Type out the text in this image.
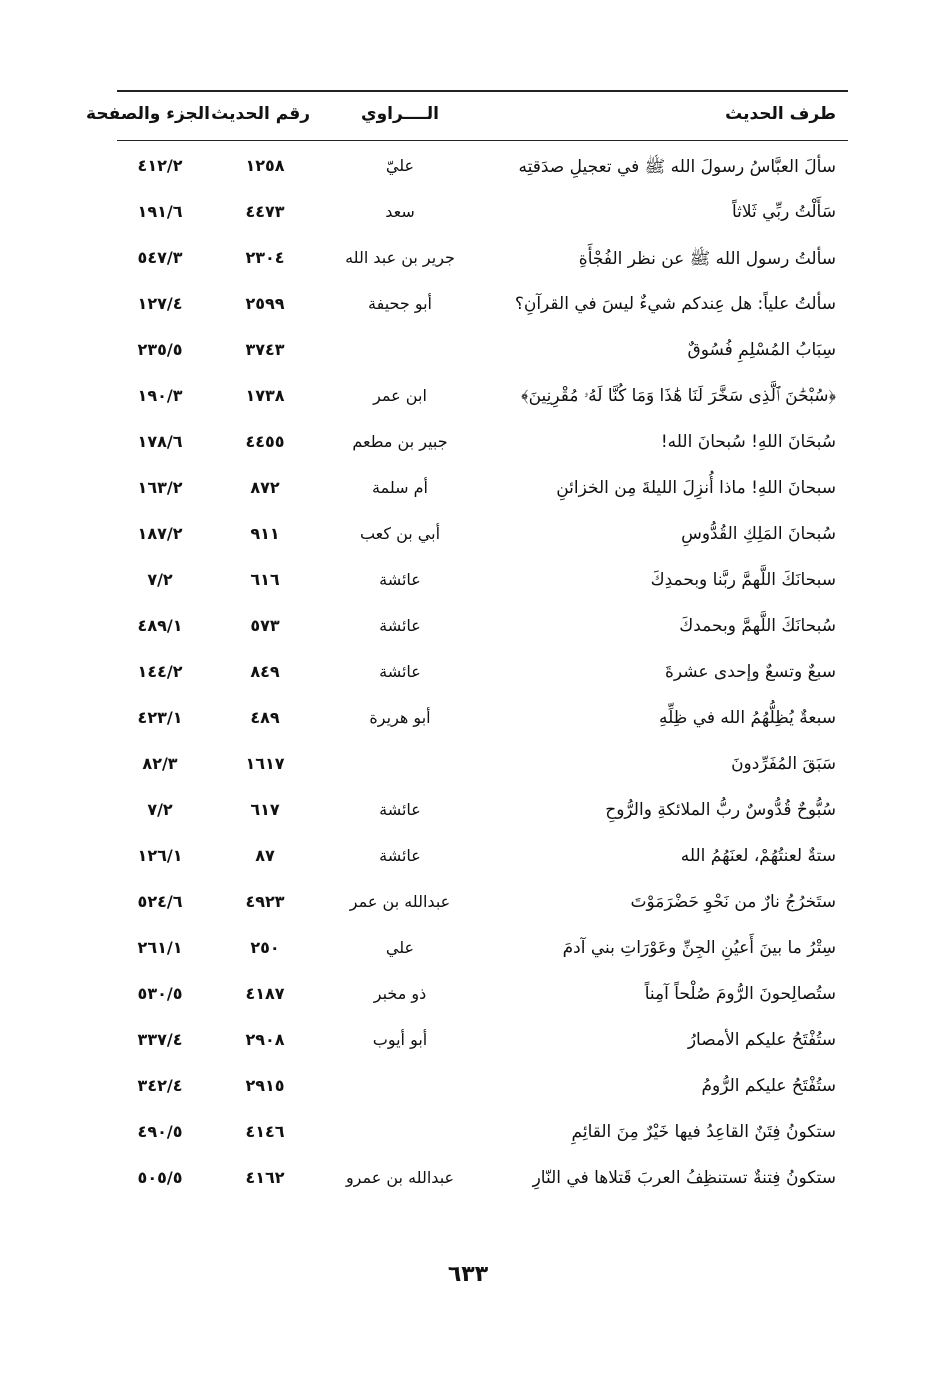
طرف الحديث
الــــراوي
رقم الحديث
الجزء والصفحة
سألَ العبَّاسُ رسولَ الله ﷺ في تعجيلِ صدَقتِه
عليّ
١٢٥٨
٤١٢/٢
سَأَلْتُ ربِّي ثَلاثاً
سعد
٤٤٧٣
١٩١/٦
سألتُ رسول الله ﷺ عن نظر الفُجْأَةِ
جرير بن عبد الله
٢٣٠٤
٥٤٧/٣
سألتُ علياً: هل عِندكم شيءٌ ليسَ في القرآنِ؟
أبو جحيفة
٢٥٩٩
١٢٧/٤
سِبَابُ المُسْلِمِ فُسُوقٌ
٣٧٤٣
٢٣٥/٥
﴿سُبْحَٰنَ ٱلَّذِى سَخَّرَ لَنَا هَٰذَا وَمَا كُنَّا لَهُۥ مُقْرِنِينَ﴾
ابن عمر
١٧٣٨
١٩٠/٣
سُبحَانَ اللهِ! سُبحانَ الله!
جبير بن مطعم
٤٤٥٥
١٧٨/٦
سبحانَ اللهِ! ماذا أُنزِلَ الليلةَ مِن الخزائنِ
أم سلمة
٨٧٢
١٦٣/٢
سُبحانَ المَلِكِ القُدُّوسِ
أبي بن كعب
٩١١
١٨٧/٢
سبحانَكَ اللَّهمَّ ربَّنا وبحمدِكَ
عائشة
٦١٦
٧/٢
سُبحانَكَ اللَّهمَّ وبحمدكَ
عائشة
٥٧٣
٤٨٩/١
سبعٌ وتسعٌ وإحدى عشرةَ
عائشة
٨٤٩
١٤٤/٢
سبعةٌ يُظِلُّهُمُ الله في ظِلِّهِ
أبو هريرة
٤٨٩
٤٢٣/١
سَبَقَ المُفَرِّدونَ
١٦١٧
٨٢/٣
سُبُّوحٌ قُدُّوسٌ ربُّ الملائكةِ والرُّوحِ
عائشة
٦١٧
٧/٢
ستةٌ لعنتُهُمْ، لعنَهُمُ الله
عائشة
٨٧
١٢٦/١
ستَخرُجُ نارٌ من نَحْوِ حَضْرَمَوْتَ
عبدالله بن عمر
٤٩٢٣
٥٢٤/٦
سِتْرُ ما بينَ أَعيُنِ الجِنِّ وعَوْرَاتِ بني آدمَ
علي
٢٥٠
٢٦١/١
ستُصالِحونَ الرُّومَ صُلْحاً آمِناً
ذو مخبر
٤١٨٧
٥٣٠/٥
ستُفْتَحُ عليكم الأمصارُ
أبو أيوب
٢٩٠٨
٣٣٧/٤
ستُفْتَحُ عليكم الرُّومُ
٢٩١٥
٣٤٢/٤
ستكونُ فِتَنٌ القاعِدُ فيها خَيْرٌ مِنَ القائِمِ
٤١٤٦
٤٩٠/٥
ستكونُ فِتنةٌ تستنظِفُ العربَ قَتلاها في النّارِ
عبدالله بن عمرو
٤١٦٢
٥٠٥/٥
٦٣٣
